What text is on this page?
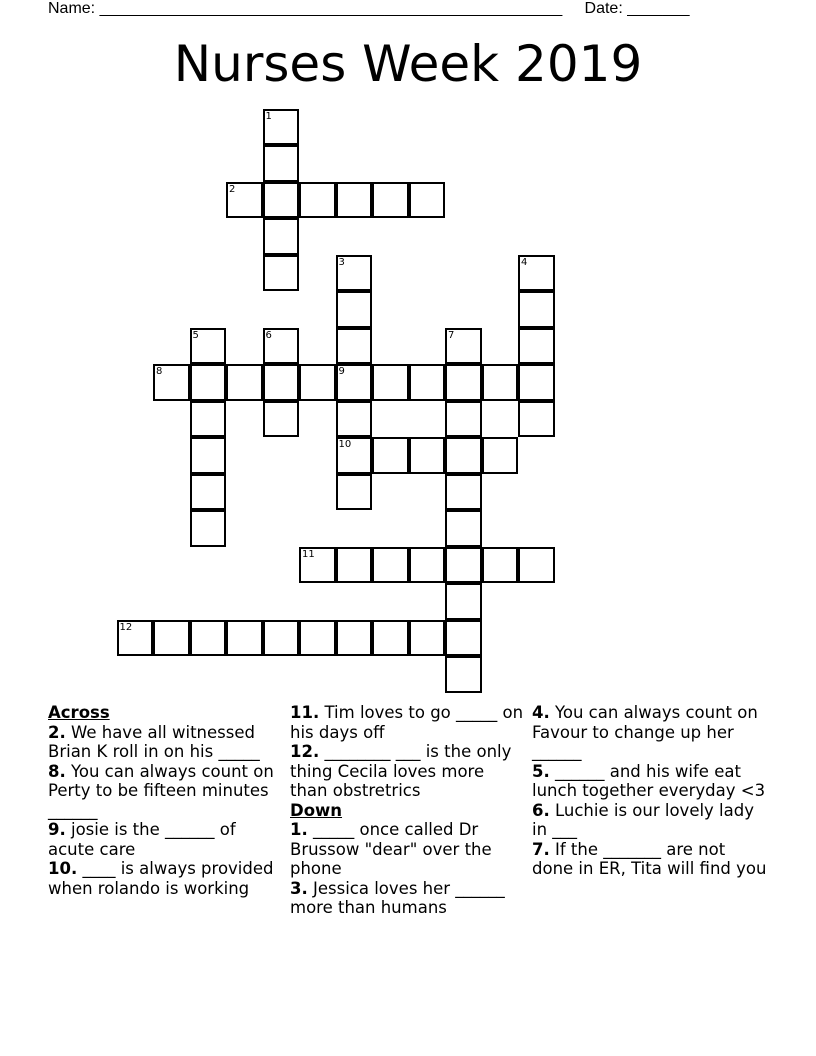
Name: ____________________________________________________ Date: _______
Nurses Week 2019
1
2
3	4
5	6	7
8	9
10
11
12
Across
2. We have all witnessed Brian K roll in on his _____
8. You can always count on Perty to be fifteen minutes ______
9. josie is the ______ of acute care
10. ____ is always provided when rolando is working
11. Tim loves to go _____ on his days off
12. ________ ___ is the only thing Cecila loves more than obstretrics
Down
1. _____ once called Dr Brussow "dear" over the phone
3. Jessica loves her ______ more than humans
4. You can always count on Favour to change up her ______
5. ______ and his wife eat lunch together everyday <3
6. Luchie is our lovely lady in ___
7. If the _______ are not done in ER, Tita will find you
